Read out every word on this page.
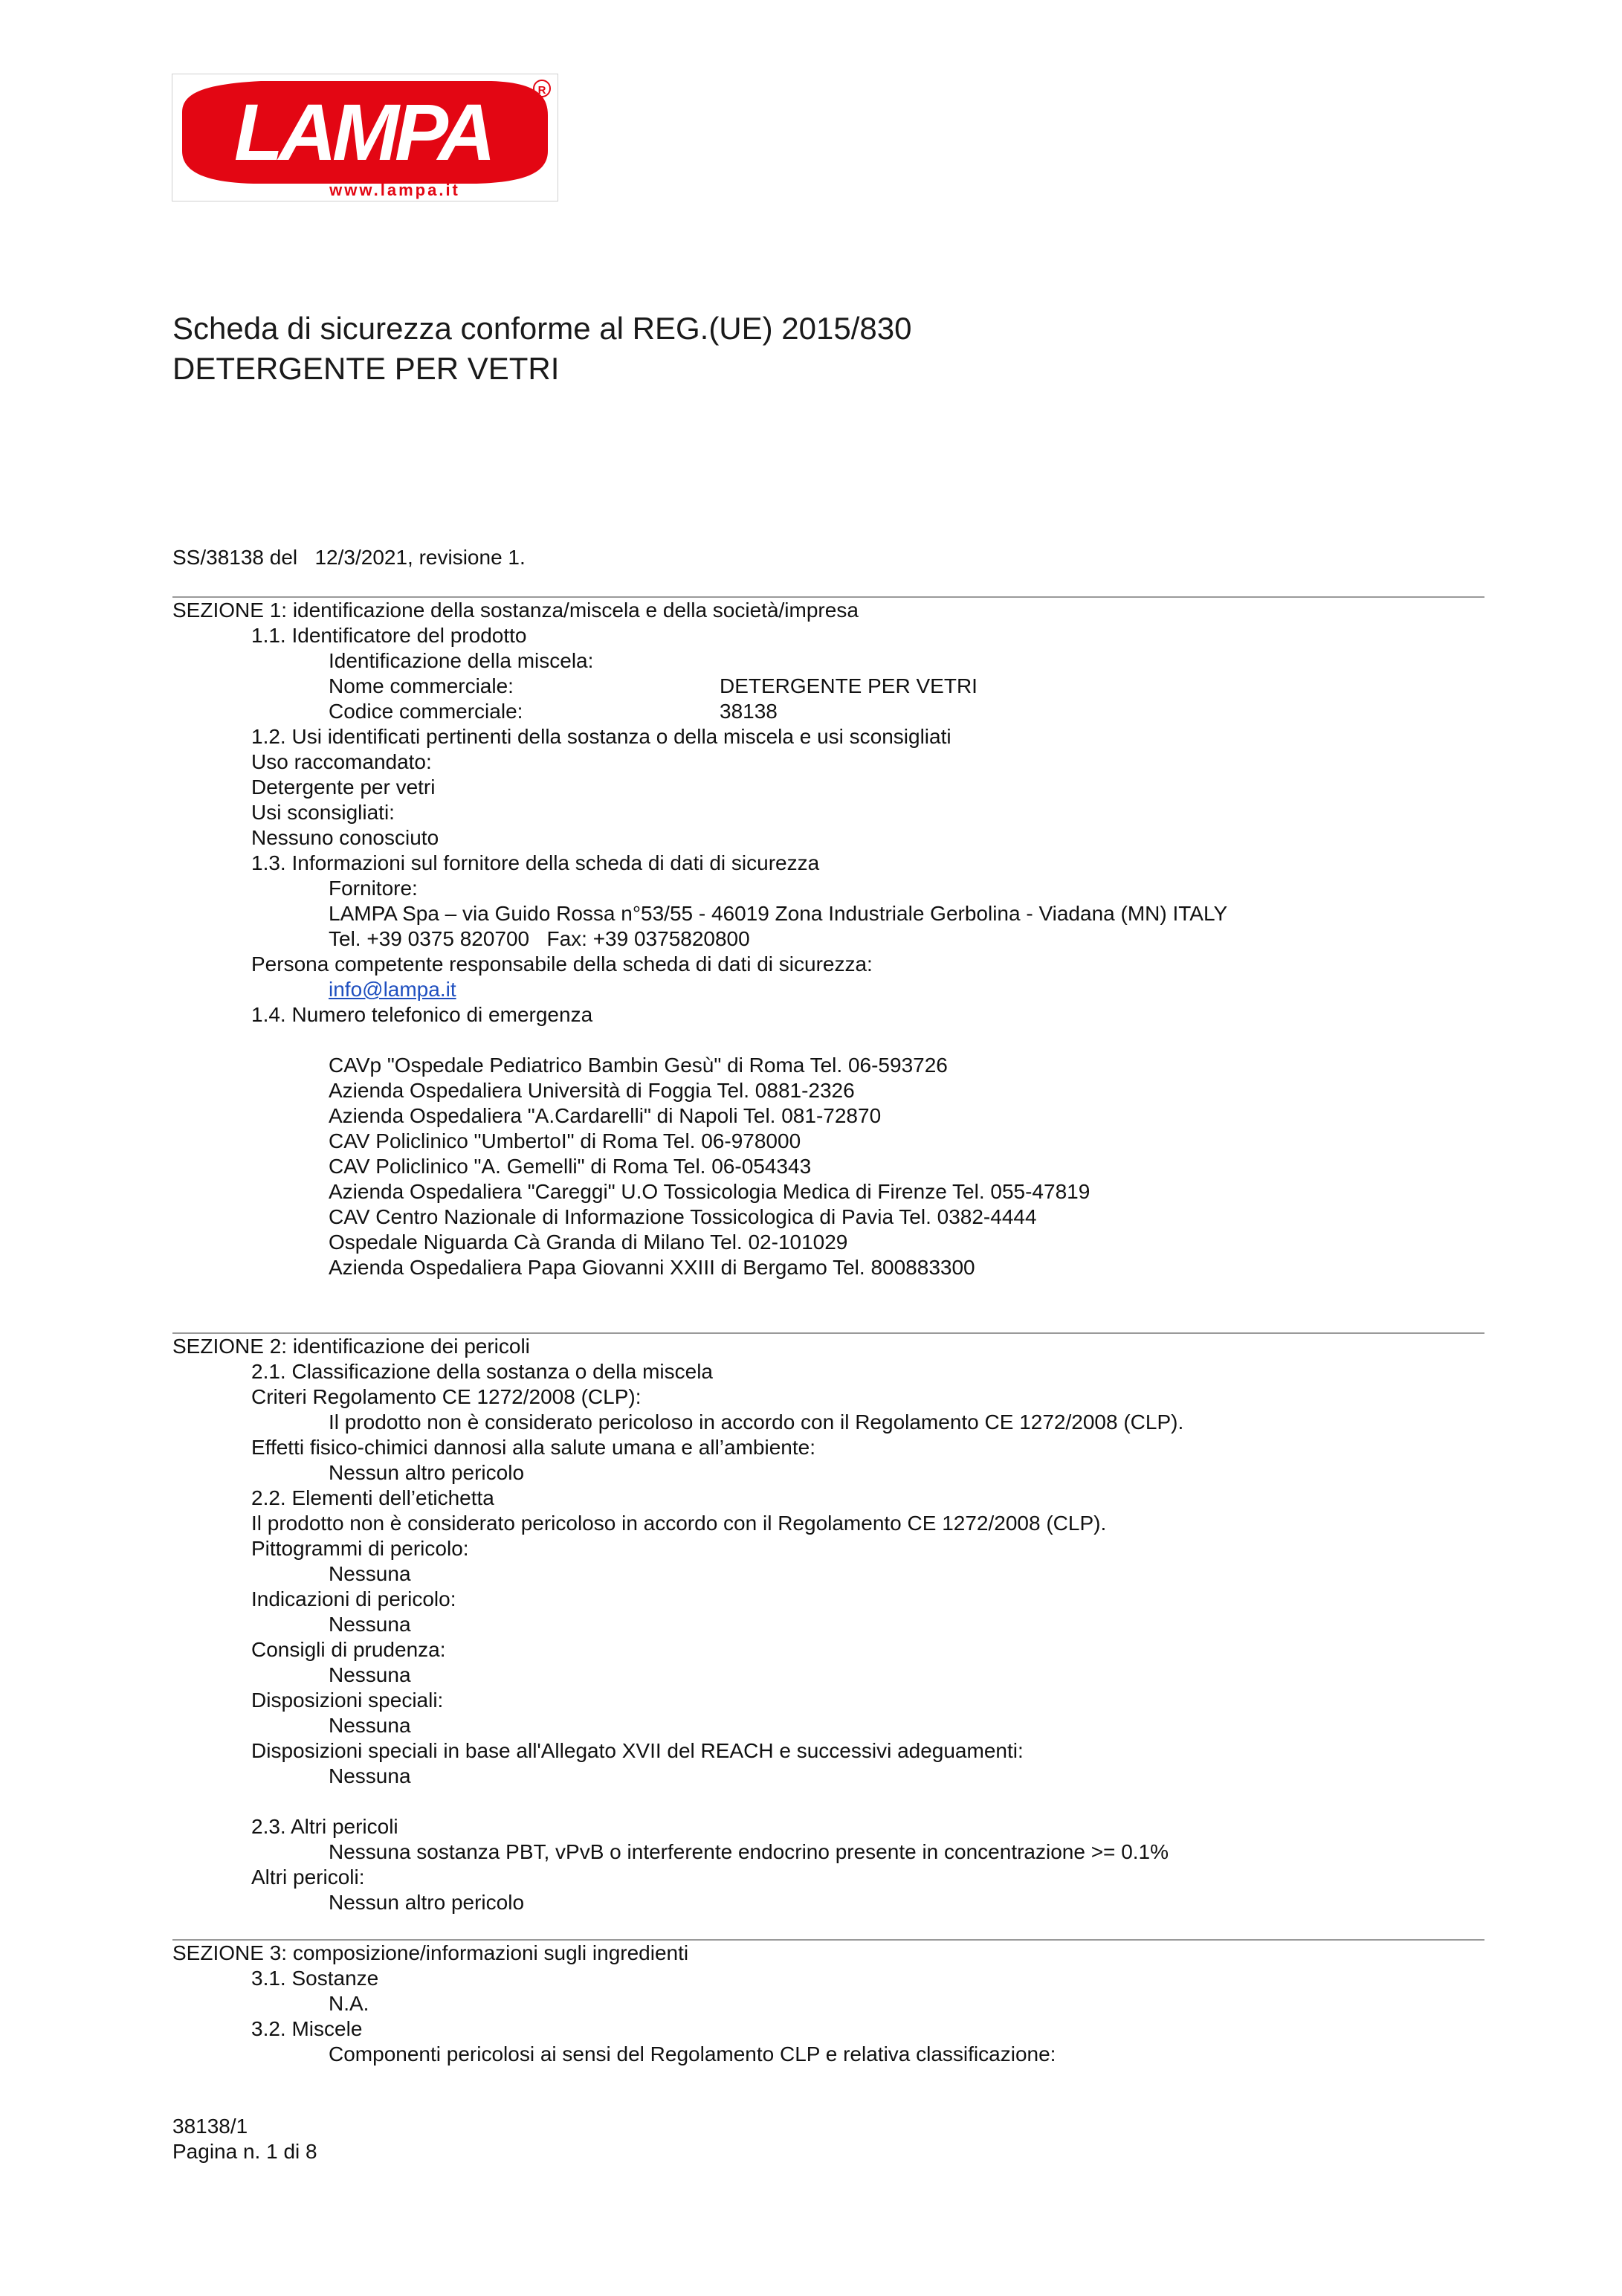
LAMPA
www.lampa.it
R
Scheda di sicurezza conforme al REG.(UE) 2015/830
DETERGENTE PER VETRI
SS/38138 del   12/3/2021, revisione 1.
SEZIONE 1: identificazione della sostanza/miscela e della società/impresa
1.1. Identificatore del prodotto
Identificazione della miscela:
Nome commerciale:	DETERGENTE PER VETRI
Codice commerciale:	38138
1.2. Usi identificati pertinenti della sostanza o della miscela e usi sconsigliati
Uso raccomandato:
Detergente per vetri
Usi sconsigliati:
Nessuno conosciuto
1.3. Informazioni sul fornitore della scheda di dati di sicurezza
Fornitore:
LAMPA Spa – via Guido Rossa n°53/55 - 46019 Zona Industriale Gerbolina - Viadana (MN) ITALY
Tel. +39 0375 820700   Fax: +39 0375820800
Persona competente responsabile della scheda di dati di sicurezza:
info@lampa.it
1.4. Numero telefonico di emergenza
CAVp "Ospedale Pediatrico Bambin Gesù" di Roma Tel. 06-593726
Azienda Ospedaliera Università di Foggia Tel. 0881-2326
Azienda Ospedaliera "A.Cardarelli" di Napoli Tel. 081-72870
CAV Policlinico "UmbertoI" di Roma Tel. 06-978000
CAV Policlinico "A. Gemelli" di Roma Tel. 06-054343
Azienda Ospedaliera "Careggi" U.O Tossicologia Medica di Firenze Tel. 055-47819
CAV Centro Nazionale di Informazione Tossicologica di Pavia Tel. 0382-4444
Ospedale Niguarda Cà Granda di Milano Tel. 02-101029
Azienda Ospedaliera Papa Giovanni XXIII di Bergamo Tel. 800883300
SEZIONE 2: identificazione dei pericoli
2.1. Classificazione della sostanza o della miscela
Criteri Regolamento CE 1272/2008 (CLP):
Il prodotto non è considerato pericoloso in accordo con il Regolamento CE 1272/2008 (CLP).
Effetti fisico-chimici dannosi alla salute umana e all’ambiente:
Nessun altro pericolo
2.2. Elementi dell’etichetta
Il prodotto non è considerato pericoloso in accordo con il Regolamento CE 1272/2008 (CLP).
Pittogrammi di pericolo:
Nessuna
Indicazioni di pericolo:
Nessuna
Consigli di prudenza:
Nessuna
Disposizioni speciali:
Nessuna
Disposizioni speciali in base all'Allegato XVII del REACH e successivi adeguamenti:
Nessuna
2.3. Altri pericoli
Nessuna sostanza PBT, vPvB o interferente endocrino presente in concentrazione >= 0.1%
Altri pericoli:
Nessun altro pericolo
SEZIONE 3: composizione/informazioni sugli ingredienti
3.1. Sostanze
N.A.
3.2. Miscele
Componenti pericolosi ai sensi del Regolamento CLP e relativa classificazione:
38138/1
Pagina n. 1 di 8
